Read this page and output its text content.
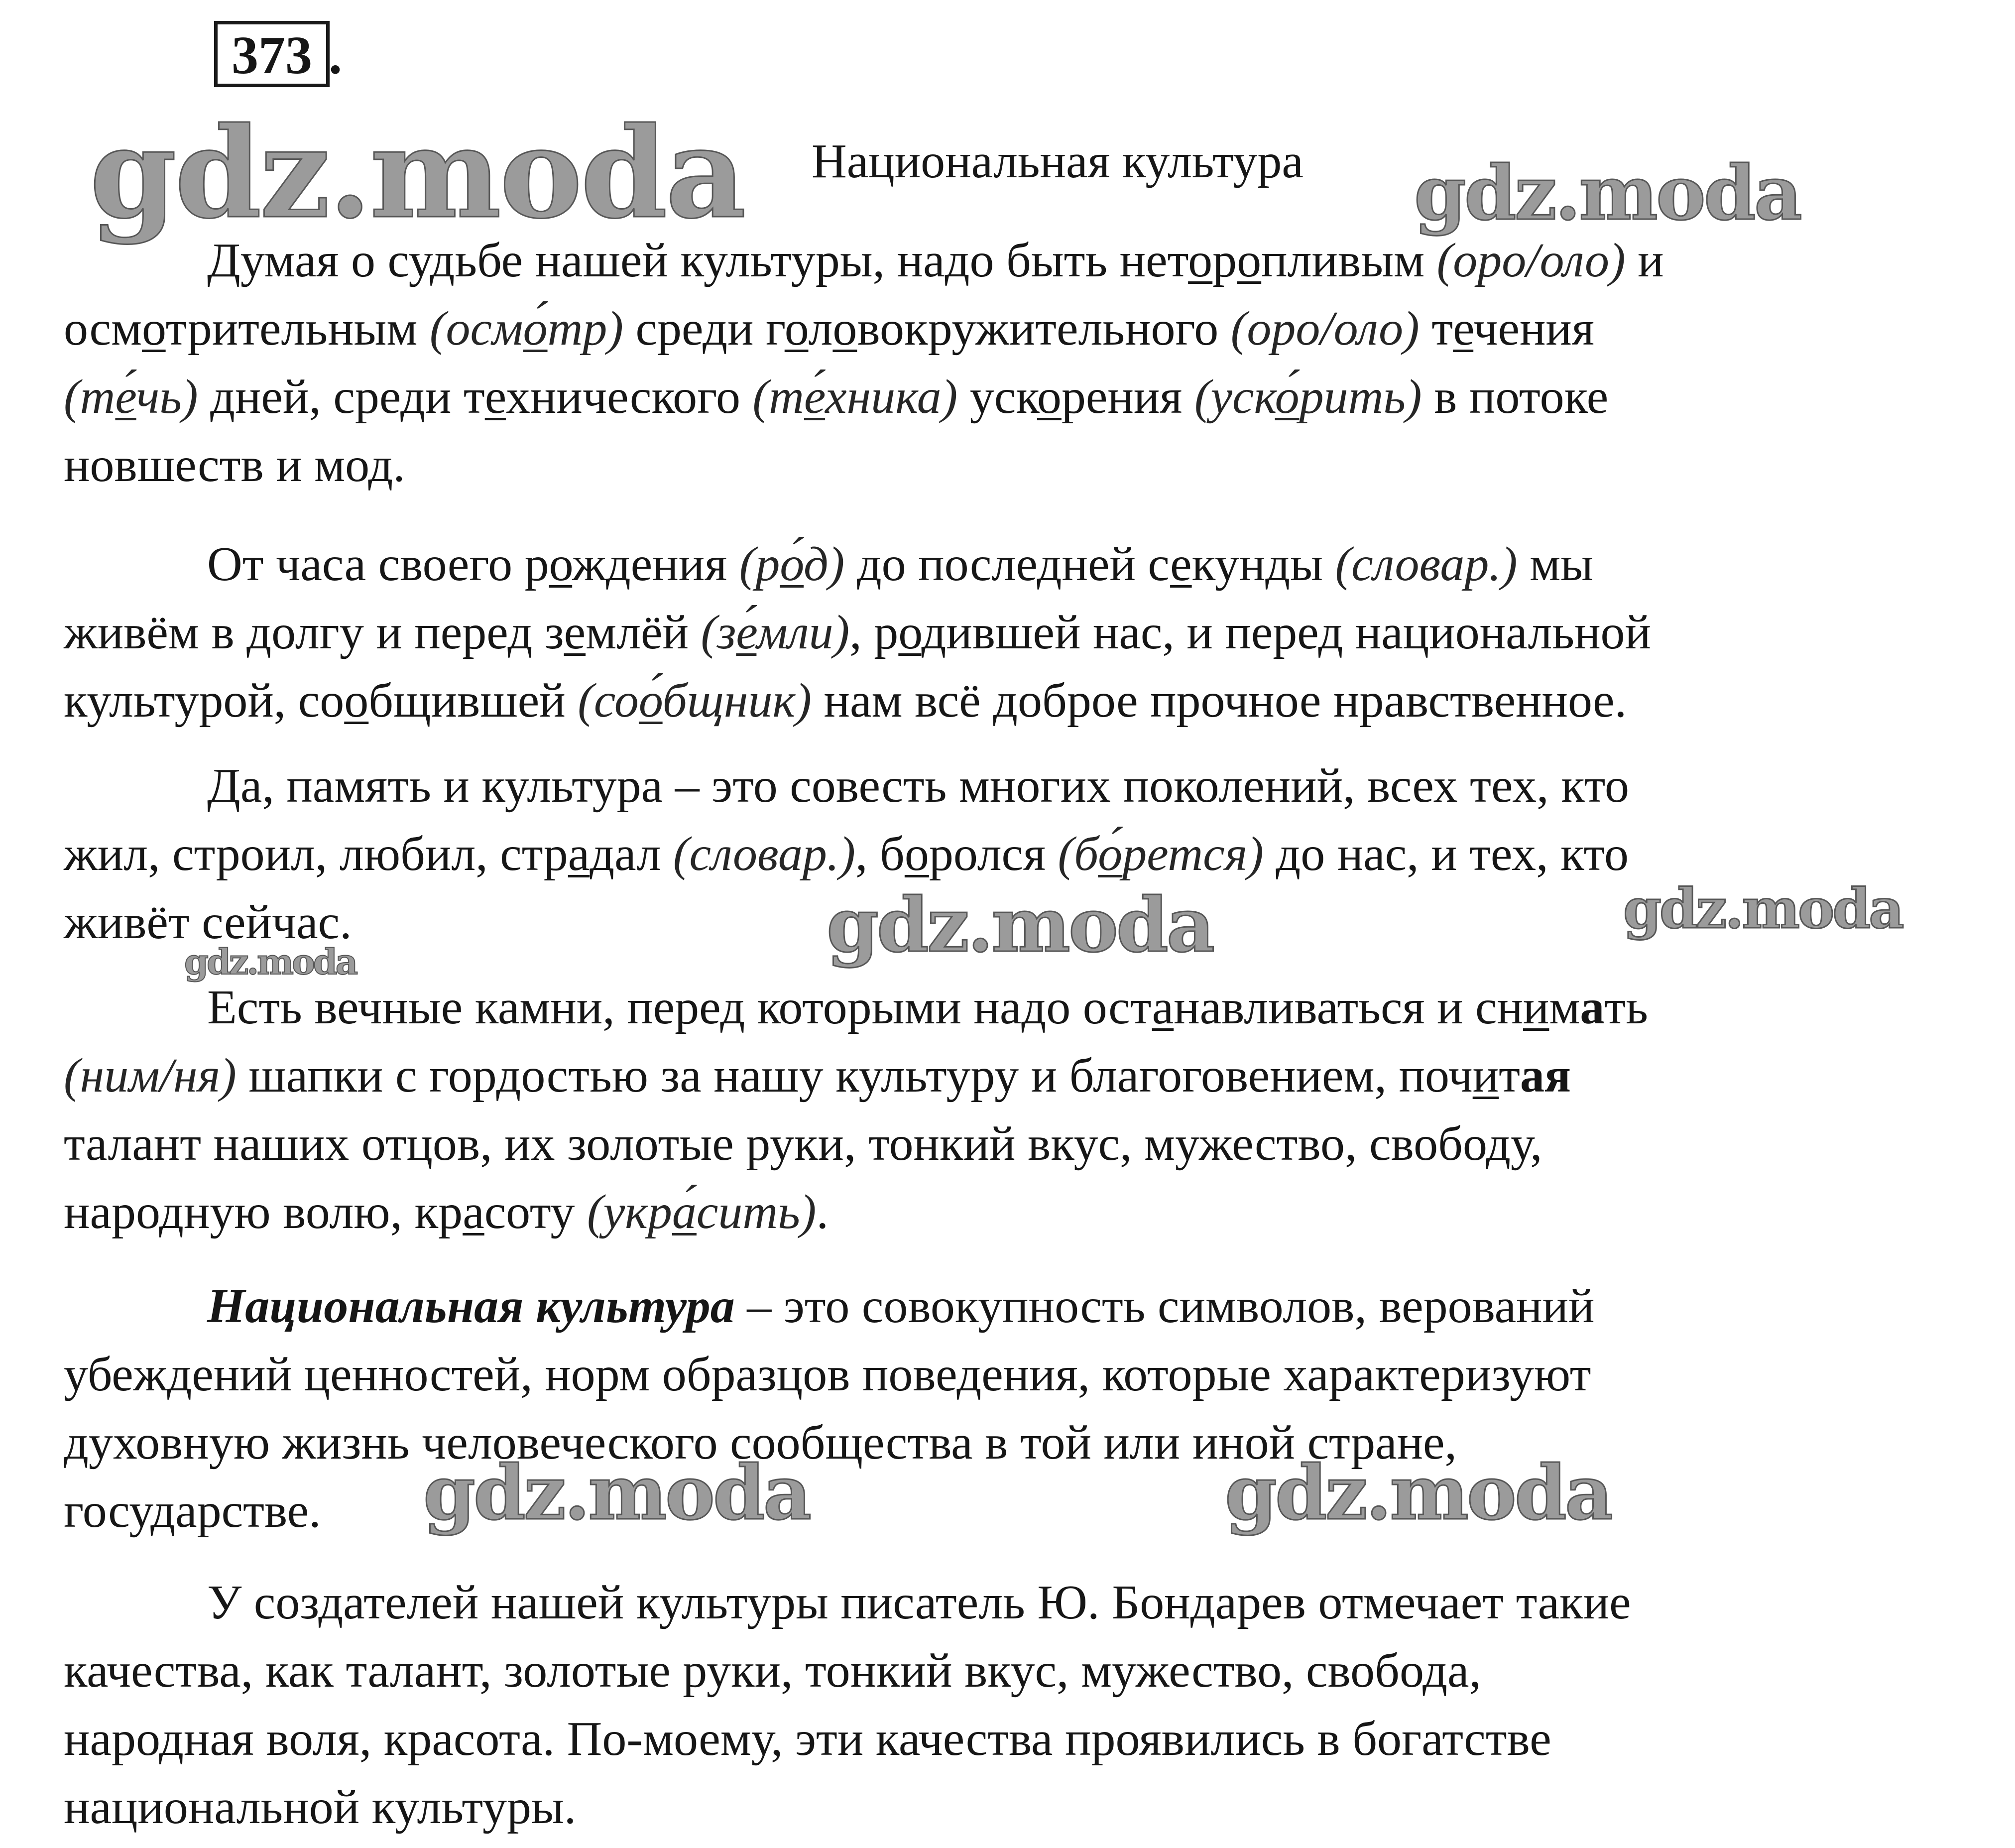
373 .
Национальная культура
gdz.moda	gdz.moda
gdz.moda	gdz.moda
gdz.moda
gdz.moda	gdz.moda
Думая о судьбе нашей культуры, надо быть неторопливым (оро/оло) и
осмотрительным (осмо́тр) среди головокружительного (оро/оло) течения
(те́чь) дней, среди технического (те́хника) ускорения (уско́рить) в потоке
новшеств и мод.
От часа своего рождения (ро́д) до последней секунды (словар.) мы
живём в долгу и перед землёй (зе́мли), родившей нас, и перед национальной
культурой, сообщившей (соо́бщник) нам всё доброе прочное нравственное.
Да, память и культура – это совесть многих поколений, всех тех, кто
жил, строил, любил, страдал (словар.), боролся (бо́рется) до нас, и тех, кто
живёт сейчас.
Есть вечные камни, перед которыми надо останавливаться и снимать
(ним/ня) шапки с гордостью за нашу культуру и благоговением, почитая
талант наших отцов, их золотые руки, тонкий вкус, мужество, свободу,
народную волю, красоту (укра́сить).
Национальная культура – это совокупность символов, верований
убеждений ценностей, норм образцов поведения, которые характеризуют
духовную жизнь человеческого сообщества в той или иной стране,
государстве.
У создателей нашей культуры писатель Ю. Бондарев отмечает такие
качества, как талант, золотые руки, тонкий вкус, мужество, свобода,
народная воля, красота. По-моему, эти качества проявились в богатстве
национальной культуры.
